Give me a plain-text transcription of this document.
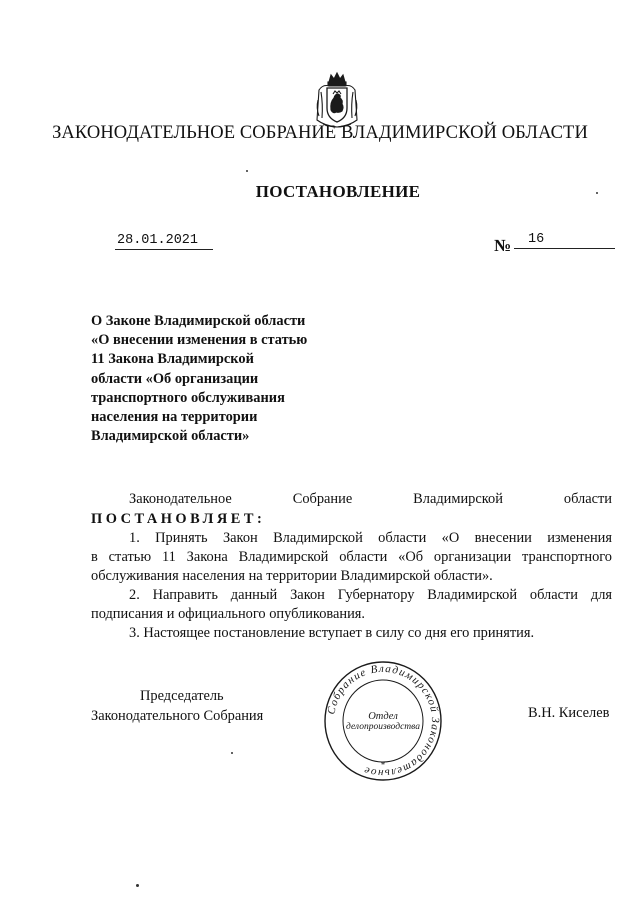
ЗАКОНОДАТЕЛЬНОЕ СОБРАНИЕ ВЛАДИМИРСКОЙ ОБЛАСТИ
ПОСТАНОВЛЕНИЕ
28.01.2021	№	16
О Законе Владимирской области
«О внесении изменения в статью
11 Закона Владимирской
области «Об организации
транспортного обслуживания
населения на территории
Владимирской области»
Законодательное	Собрание	Владимирской	области
ПОСТАНОВЛЯЕТ:
1. Принять Закон Владимирской области «О внесении изменения
в статью 11 Закона Владимирской области «Об организации транспортного
обслуживания населения на территории Владимирской области».
2. Направить данный Закон Губернатору Владимирской области для
подписания и официального опубликования.
3. Настоящее постановление вступает в силу со дня его принятия.
Председатель
Законодательного Собрания	Собрание Владимирской Законодательное	*
Отдел
делопроизводства
В.Н. Киселев
